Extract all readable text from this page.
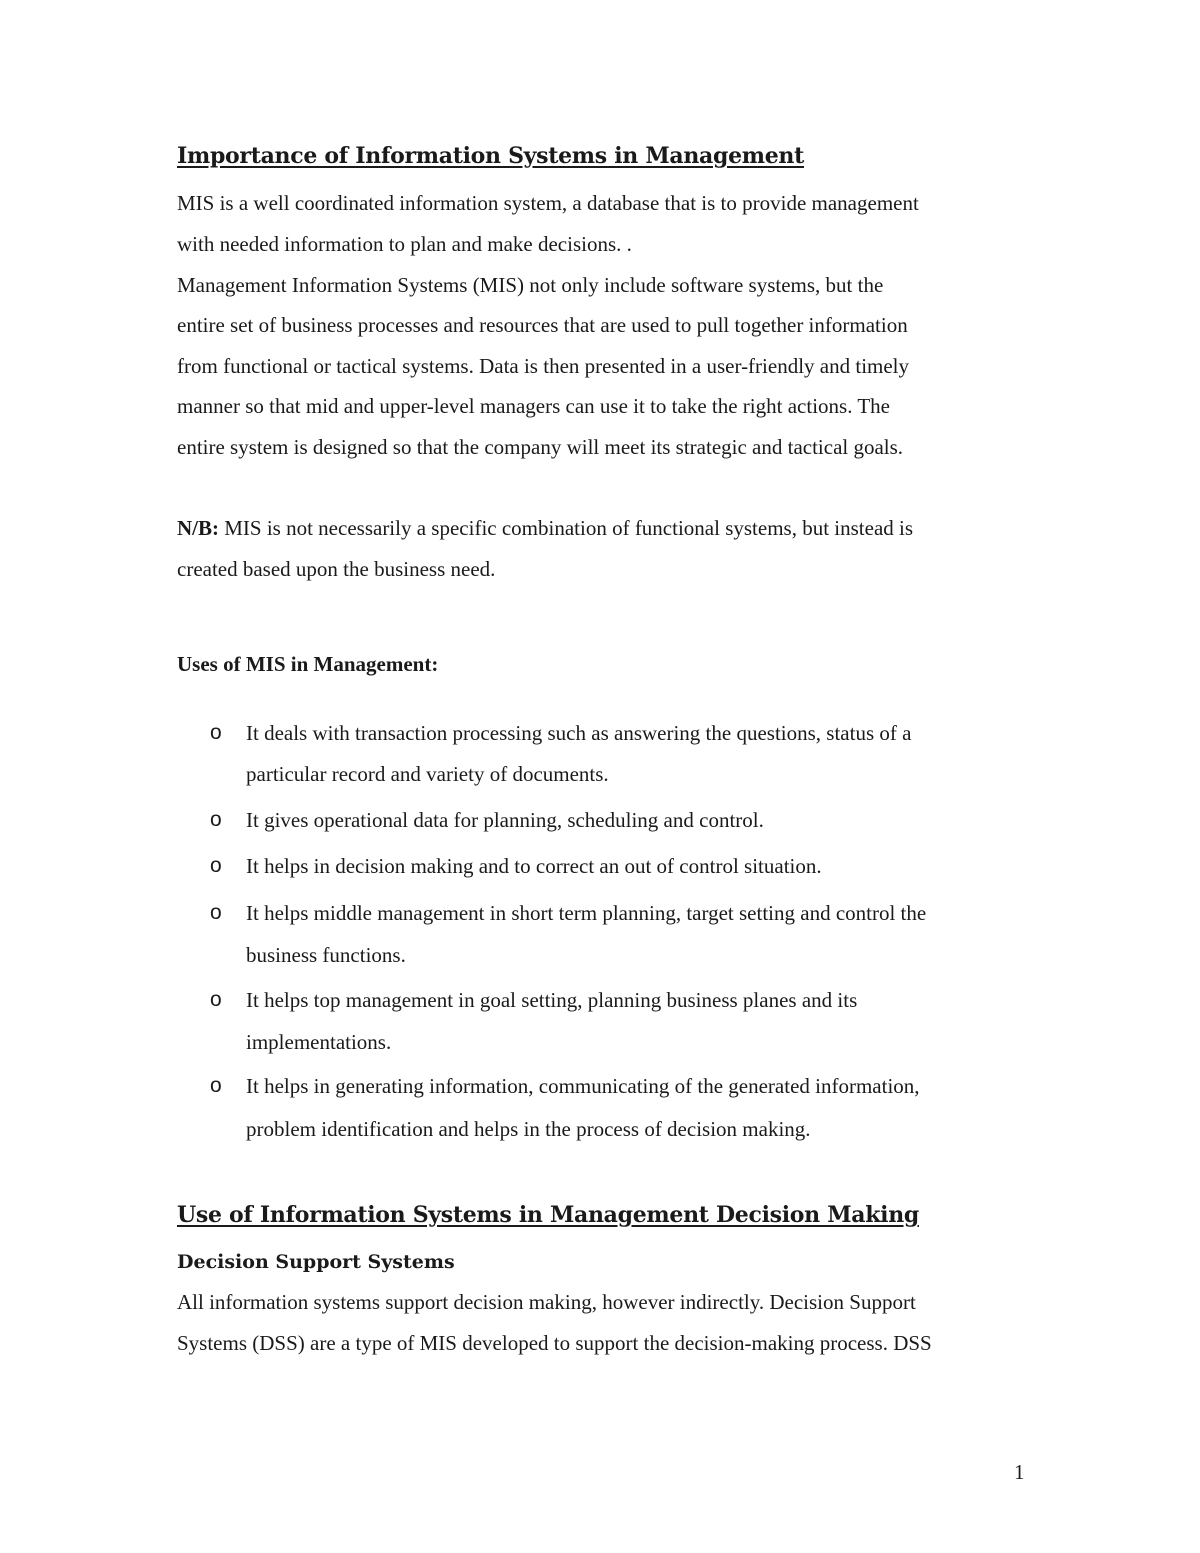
Importance of Information Systems in Management
MIS is a well coordinated information system, a database that is to provide management
with needed information to plan and make decisions. .
Management Information Systems (MIS) not only include software systems, but the
entire set of business processes and resources that are used to pull together information
from functional or tactical systems. Data is then presented in a user-friendly and timely
manner so that mid and upper-level managers can use it to take the right actions. The
entire system is designed so that the company will meet its strategic and tactical goals.
N/B: MIS is not necessarily a specific combination of functional systems, but instead is
created based upon the business need.
Uses of MIS in Management:
o It deals with transaction processing such as answering the questions, status of a
particular record and variety of documents.
o It gives operational data for planning, scheduling and control.
o It helps in decision making and to correct an out of control situation.
o It helps middle management in short term planning, target setting and control the
business functions.
o It helps top management in goal setting, planning business planes and its
implementations.
o It helps in generating information, communicating of the generated information,
problem identification and helps in the process of decision making.
Use of Information Systems in Management Decision Making
Decision Support Systems
All information systems support decision making, however indirectly. Decision Support
Systems (DSS) are a type of MIS developed to support the decision-making process. DSS
1
